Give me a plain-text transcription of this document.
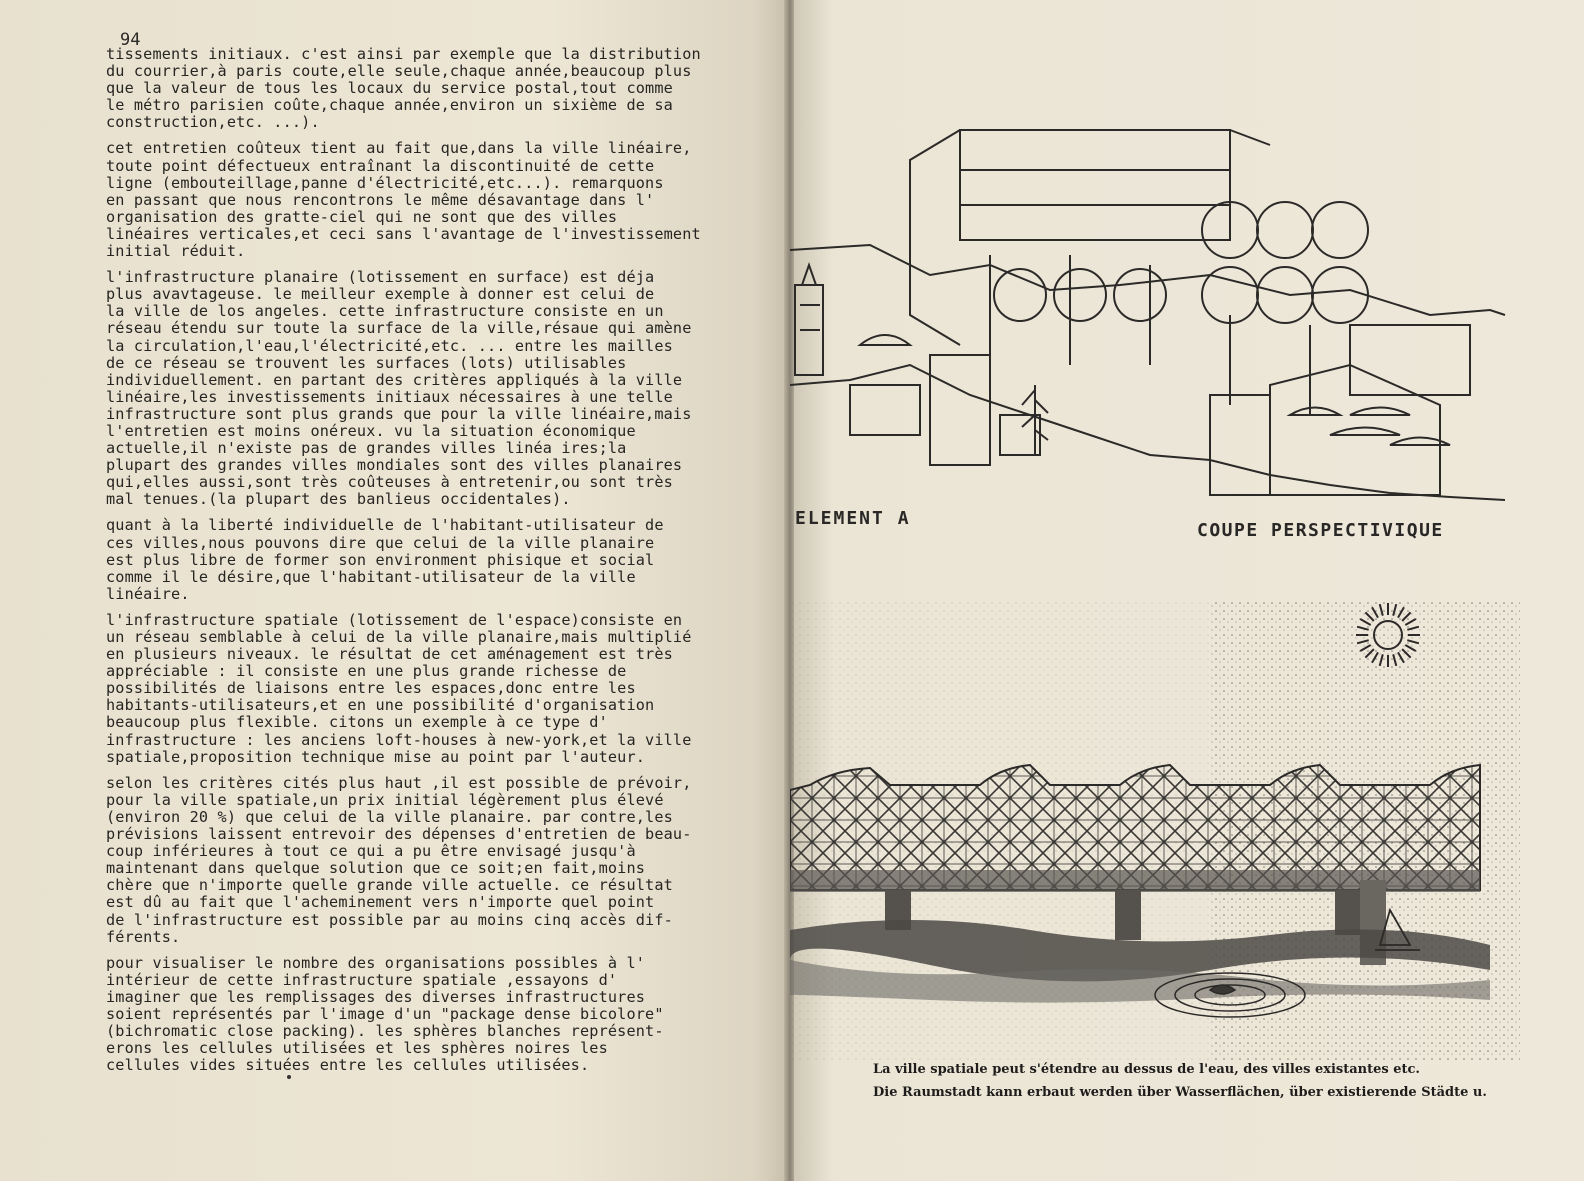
94
tissements initiaux. c'est ainsi par exemple que la distribution
du courrier,à paris coute,elle seule,chaque année,beaucoup plus
que la valeur de tous les locaux du service postal,tout comme
le métro parisien coûte,chaque année,environ un sixième de sa
construction,etc. ...).
cet entretien coûteux tient au fait que,dans la ville linéaire,
toute point défectueux entraînant la discontinuité de cette
ligne (embouteillage,panne d'électricité,etc...). remarquons
en passant que nous rencontrons le même désavantage dans l'
organisation des gratte-ciel qui ne sont que des villes
linéaires verticales,et ceci sans l'avantage de l'investissement
initial réduit.
l'infrastructure planaire (lotissement en surface) est déja
plus avavtageuse. le meilleur exemple à donner est celui de
la ville de los angeles. cette infrastructure consiste en un
réseau étendu sur toute la surface de la ville,résaue qui amène
la circulation,l'eau,l'électricité,etc. ... entre les mailles
de ce réseau se trouvent les surfaces (lots) utilisables
individuellement. en partant des critères appliqués à la ville
linéaire,les investissements initiaux nécessaires à une telle
infrastructure sont plus grands que pour la ville linéaire,mais
l'entretien est moins onéreux. vu la situation économique
actuelle,il n'existe pas de grandes villes linéa ires;la
plupart des grandes villes mondiales sont des villes planaires
qui,elles aussi,sont très coûteuses à entretenir,ou sont très
mal tenues.(la plupart des banlieus occidentales).
quant à la liberté individuelle de l'habitant-utilisateur de
ces villes,nous pouvons dire que celui de la ville planaire
est plus libre de former son environment phisique et social
comme il le désire,que l'habitant-utilisateur de la ville
linéaire.
l'infrastructure spatiale (lotissement de l'espace)consiste en
un réseau semblable à celui de la ville planaire,mais multiplié
en plusieurs niveaux. le résultat de cet aménagement est très
appréciable : il consiste en une plus grande richesse de
possibilités de liaisons entre les espaces,donc entre les
habitants-utilisateurs,et en une possibilité d'organisation
beaucoup plus flexible. citons un exemple à ce type d'
infrastructure : les anciens loft-houses à new-york,et la ville
spatiale,proposition technique mise au point par l'auteur.
selon les critères cités plus haut ,il est possible de prévoir,
pour la ville spatiale,un prix initial légèrement plus élevé
(environ 20 %) que celui de la ville planaire. par contre,les
prévisions laissent entrevoir des dépenses d'entretien de beau-
coup inférieures à tout ce qui a pu être envisagé jusqu'à
maintenant dans quelque solution que ce soit;en fait,moins
chère que n'importe quelle grande ville actuelle. ce résultat
est dû au fait que l'acheminement vers n'importe quel point
de l'infrastructure est possible par au moins cinq accès dif-
férents.
pour visualiser le nombre des organisations possibles à l'
intérieur de cette infrastructure spatiale ,essayons d'
imaginer que les remplissages des diverses infrastructures
soient représentés par l'image d'un "package dense bicolore"
(bichromatic close packing). les sphères blanches représent-
erons les cellules utilisées et les sphères noires les
cellules vides situées entre les cellules utilisées.
ELEMENT A
COUPE PERSPECTIVIQUE
La ville spatiale peut s'étendre au dessus de l'eau, des villes existantes etc.
Die Raumstadt kann erbaut werden über Wasserflächen, über existierende Städte u.
